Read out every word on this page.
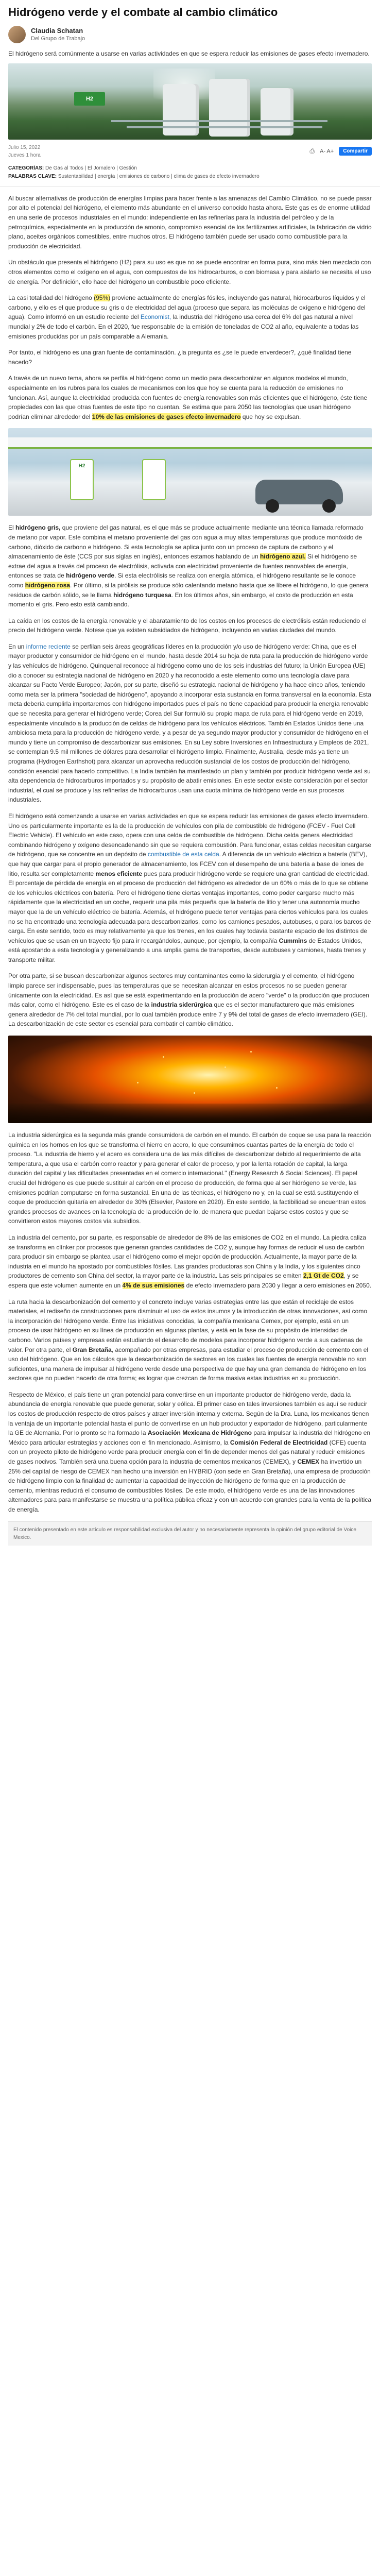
Hidrógeno verde y el combate al cambio climático
Claudia Schatan
Del Grupo de Trabajo

El hidrógeno será comúnmente a usarse en varias actividades en que se espera reducir las emisiones de gases efecto invernadero.

H2
Julio 15, 2022
Jueves 1 hora
⎙ A- A+	Compartir
CATEGORÍAS: De Gas al Todos | El Jornalero | Gestión
PALABRAS CLAVE: Sustentabilidad | energía | emisiones de carbono | clima de gases de efecto invernadero

Al buscar alternativas de producción de energías limpias para hacer frente a las amenazas del Cambio Climático, no se puede pasar por alto el potencial del hidrógeno, el elemento más abundante en el universo conocido hasta ahora. Este gas es de enorme utilidad en una serie de procesos industriales en el mundo: independiente en las refinerías para la industria del petróleo y de la petroquímica, especialmente en la producción de amonio, compromiso esencial de los fertilizantes artificiales, la fabricación de vidrio plano, aceites orgánicos comestibles, entre muchos otros. El hidrógeno también puede ser usado como combustible para la producción de electricidad.

Un obstáculo que presenta el hidrógeno (H2) para su uso es que no se puede encontrar en forma pura, sino más bien mezclado con otros elementos como el oxígeno en el agua, con compuestos de los hidrocarburos, o con biomasa y para aislarlo se necesita el uso de energía. Por definición, ello hace del hidrógeno un combustible poco eficiente.

La casi totalidad del hidrógeno (95%) proviene actualmente de energías fósiles, incluyendo gas natural, hidrocarburos líquidos y el carbono, y ello es el que produce su gris o de electricidad del agua (proceso que separa las moléculas de oxígeno e hidrógeno del agua). Como informó en un estudio reciente del Economist, la industria del hidrógeno usa cerca del 6% del gas natural a nivel mundial y 2% de todo el carbón. En el 2020, fue responsable de la emisión de toneladas de CO2 al año, equivalente a todas las emisiones producidas por un país comparable a Alemania.

Por tanto, el hidrógeno es una gran fuente de contaminación. ¿la pregunta es ¿se le puede enverdecer?, ¿qué finalidad tiene hacerlo?

A través de un nuevo tema, ahora se perfila el hidrógeno como un medio para descarbonizar en algunos modelos el mundo, especialmente en los rubros para los cuales de mecanismos con los que hoy se cuenta para la reducción de emisiones no funcionan. Así, aunque la electricidad producida con fuentes de energía renovables son más eficientes que el hidrógeno, éste tiene propiedades con las que otras fuentes de este tipo no cuentan. Se estima que para 2050 las tecnologías que usan hidrógeno podrían eliminar alrededor del 10% de las emisiones de gases efecto invernadero que hoy se expulsan.

H2

El hidrógeno gris, que proviene del gas natural, es el que más se produce actualmente mediante una técnica llamada reformado de metano por vapor. Este combina el metano proveniente del gas con agua a muy altas temperaturas que produce monóxido de carbono, dióxido de carbono e hidrógeno. Si esta tecnología se aplica junto con un proceso de captura de carbono y el almacenamiento de éste (CCS por sus siglas en inglés), entonces estamos hablando de un hidrógeno azul. Si el hidrógeno se extrae del agua a través del proceso de electrólisis, activada con electricidad proveniente de fuentes renovables de energía, entonces se trata de hidrógeno verde. Si esta electrólisis se realiza con energía atómica, el hidrógeno resultante se le conoce como hidrógeno rosa. Por último, si la pirólisis se produce sólo calentando metano hasta que se libere el hidrógeno, lo que genera residuos de carbón sólido, se le llama hidrógeno turquesa. En los últimos años, sin embargo, el costo de producción en esta momento el gris. Pero esto está cambiando.

La caída en los costos de la energía renovable y el abaratamiento de los costos en los procesos de electrólisis están reduciendo el precio del hidrógeno verde. Notese que ya existen subsidiados de hidrógeno, incluyendo en varias ciudades del mundo.

En un informe reciente se perfilan seis áreas geográficas líderes en la producción y/o uso de hidrógeno verde: China, que es el mayor productor y consumidor de hidrógeno en el mundo, hasta desde 2014 su hoja de ruta para la producción de hidrógeno verde y las vehículos de hidrógeno. Quinquenal reconoce al hidrógeno como uno de los seis industrias del futuro; la Unión Europea (UE) dio a conocer su estrategia nacional de hidrógeno en 2020 y ha reconocido a este elemento como una tecnología clave para alcanzar su Pacto Verde Europeo; Japón, por su parte, diseñó su estrategia nacional de hidrógeno y ha hace cinco años, teniendo como meta ser la primera "sociedad de hidrógeno", apoyando a incorporar esta sustancia en forma transversal en la economía. Esta meta debería cumplirla importaremos con hidrógeno importados pues el país no tiene capacidad para producir la energía renovable que se necesita para generar el hidrógeno verde; Corea del Sur formuló su propio mapa de ruta para el hidrógeno verde en 2019, especialmente vinculado a la producción de celdas de hidrógeno para los vehículos eléctricos. También Estados Unidos tiene una ambiciosa meta para la producción de hidrógeno verde, y a pesar de ya segundo mayor productor y consumidor de hidrógeno en el mundo y tiene un compromiso de descarbonizar sus emisiones. En su Ley sobre Inversiones en Infraestructura y Empleos de 2021, se contemplan 9.5 mil millones de dólares para desarrollar el hidrógeno limpio. Finalmente, Australia, desde más ya tiene un programa (Hydrogen Earthshot) para alcanzar un aprovecha reducción sustancial de los costos de producción del hidrógeno, condición esencial para hacerlo competitivo. La India también ha manifestado un plan y también por producir hidrógeno verde así su alta dependencia de hidrocarburos importados y su propósito de abatir emisiones. En este sector existe consideración por el sector industrial, el cual se produce y las refinerías de hidrocarburos usan una cuota mínima de hidrógeno verde en sus procesos industriales.

El hidrógeno está comenzando a usarse en varias actividades en que se espera reducir las emisiones de gases efecto invernadero. Uno es particularmente importante es la de la producción de vehículos con pila de combustible de hidrógeno (FCEV - Fuel Cell Electric Vehicle). El vehículo en este caso, opera con una celda de combustible de hidrógeno. Dicha celda genera electricidad combinando hidrógeno y oxígeno desencadenando sin que se requiera combustión. Para funcionar, estas celdas necesitan cargarse de hidrógeno, que se concentre en un depósito de combustible de esta celda. A diferencia de un vehículo eléctrico a batería (BEV), que hay que cargar para el propio generador de almacenamiento, los FCEV con el desempeño de una batería a base de iones de litio, resulta ser completamente menos eficiente pues para producir hidrógeno verde se requiere una gran cantidad de electricidad. El porcentaje de pérdida de energía en el proceso de producción del hidrógeno es alrededor de un 60% o más de lo que se obtiene de los vehículos eléctricos con batería. Pero el hidrógeno tiene ciertas ventajas importantes, como poder cargarse mucho más rápidamente que la electricidad en un coche, requerir una pila más pequeña que la batería de litio y tener una autonomía mucho mayor que la de un vehículo eléctrico de batería. Además, el hidrógeno puede tener ventajas para ciertos vehículos para los cuales no se ha encontrado una tecnología adecuada para descarbonizarlos, como los camiones pesados, autobuses, o para los barcos de carga. En este sentido, todo es muy relativamente ya que los trenes, en los cuales hay todavía bastante espacio de los distintos de vehículos que se usan en un trayecto fijo para ir recargándolos, aunque, por ejemplo, la compañía Cummins de Estados Unidos, está apostando a esta tecnología y generalizando a una amplia gama de transportes, desde autobuses y camiones, hasta trenes y transporte militar.

Por otra parte, si se buscan descarbonizar algunos sectores muy contaminantes como la siderurgia y el cemento, el hidrógeno limpio parece ser indispensable, pues las temperaturas que se necesitan alcanzar en estos procesos no se pueden generar únicamente con la electricidad. Es así que se está experimentando en la producción de acero "verde" o la producción que producen más calor, como el hidrógeno. Este es el caso de la industria siderúrgica que es el sector manufacturero que más emisiones genera alrededor de 7% del total mundial, por lo cual también produce entre 7 y 9% del total de gases de efecto invernadero (GEI). La descarbonización de este sector es esencial para combatir el cambio climático.

La industria siderúrgica es la segunda más grande consumidora de carbón en el mundo. El carbón de coque se usa para la reacción química en los hornos en los que se transforma el hierro en acero, lo que consumimos cuantas partes de la energía de todo el proceso. "La industria de hierro y el acero es considera una de las más difíciles de descarbonizar debido al requerimiento de alta temperatura, a que usa el carbón como reactor y para generar el calor de proceso, y por la lenta rotación de capital, la larga duración del capital y las dificultades presentadas en el comercio internacional." (Energy Research & Social Sciences). El papel crucial del hidrógeno es que puede sustituir al carbón en el proceso de producción, de forma que al ser hidrógeno se verde, las emisiones podrían computarse en forma sustancial. En una de las técnicas, el hidrógeno no y, en la cual se está sustituyendo el coque de producción quitaría en alrededor de 30% (Elsevier, Pastore en 2020). En este sentido, la factibilidad se encuentran estos grandes procesos de avances en la tecnología de la producción de lo, de manera que puedan bajarse estos costos y que se convirtieron estos mayores costos vía subsidios.

La industria del cemento, por su parte, es responsable de alrededor de 8% de las emisiones de CO2 en el mundo. La piedra caliza se transforma en clínker por procesos que generan grandes cantidades de CO2 y, aunque hay formas de reducir el uso de carbón para producir sin embargo se plantea usar el hidrógeno como el mejor opción de producción. Actualmente, la mayor parte de la industria en el mundo ha apostado por combustibles fósiles. Las grandes productoras son China y la India, y los siguientes cinco productores de cemento son China del sector, la mayor parte de la industria. Las seis principales se emiten 2,1 Gt de CO2, y se espera que este volumen aumente en un 4% de sus emisiones de efecto invernadero para 2030 y llegar a cero emisiones en 2050.

La ruta hacia la descarbonización del cemento y el concreto incluye varias estrategias entre las que están el reciclaje de estos materiales, el rediseño de construcciones para disminuir el uso de estos insumos y la introducción de otras innovaciones, así como la incorporación del hidrógeno verde. Entre las iniciativas conocidas, la compañía mexicana Cemex, por ejemplo, está en un proceso de usar hidrógeno en su línea de producción en algunas plantas, y está en la fase de su propósito de intensidad de carbono. Varios países y empresas están estudiando el desarrollo de modelos para incorporar hidrógeno verde a sus cadenas de valor. Por otra parte, el Gran Bretaña, acompañado por otras empresas, para estudiar el proceso de producción de cemento con el uso del hidrógeno. Que en los cálculos que la descarbonización de sectores en los cuales las fuentes de energía renovable no son suficientes, una manera de impulsar al hidrógeno verde desde una perspectiva de que hay una gran demanda de hidrógeno en los sectores que no pueden hacerlo de otra forma; es lograr que crezcan de forma masiva estas industrias en su producción.

Respecto de México, el país tiene un gran potencial para convertirse en un importante productor de hidrógeno verde, dada la abundancia de energía renovable que puede generar, solar y eólica. El primer caso en tales inversiones también es aquí se reducir los costos de producción respecto de otros países y atraer inversión interna y externa. Según de la Dra. Luna, los mexicanos tienen la ventaja de un importante potencial hasta el punto de convertirse en un hub productor y exportador de hidrógeno, particularmente la GE de Alemania. Por lo pronto se ha formado la Asociación Mexicana de Hidrógeno para impulsar la industria del hidrógeno en México para articular estrategias y acciones con el fin mencionado. Asimismo, la Comisión Federal de Electricidad (CFE) cuenta con un proyecto piloto de hidrógeno verde para producir energía con el fin de depender menos del gas natural y reducir emisiones de gases nocivos. También será una buena opción para la industria de cementos mexicanos (CEMEX), y CEMEX ha invertido un 25% del capital de riesgo de CEMEX han hecho una inversión en HYBRID (con sede en Gran Bretaña), una empresa de producción de hidrógeno limpio con la finalidad de aumentar la capacidad de inyección de hidrógeno de forma que en la producción de cemento, mientras reducirá el consumo de combustibles fósiles. De este modo, el hidrógeno verde es una de las innovaciones alternadores para para manifestarse se muestra una política pública eficaz y con un acuerdo con grandes para la venta de la política de energía.

El contenido presentado en este artículo es responsabilidad exclusiva del autor y no necesariamente representa la opinión del grupo editorial de Voice Mexico.
